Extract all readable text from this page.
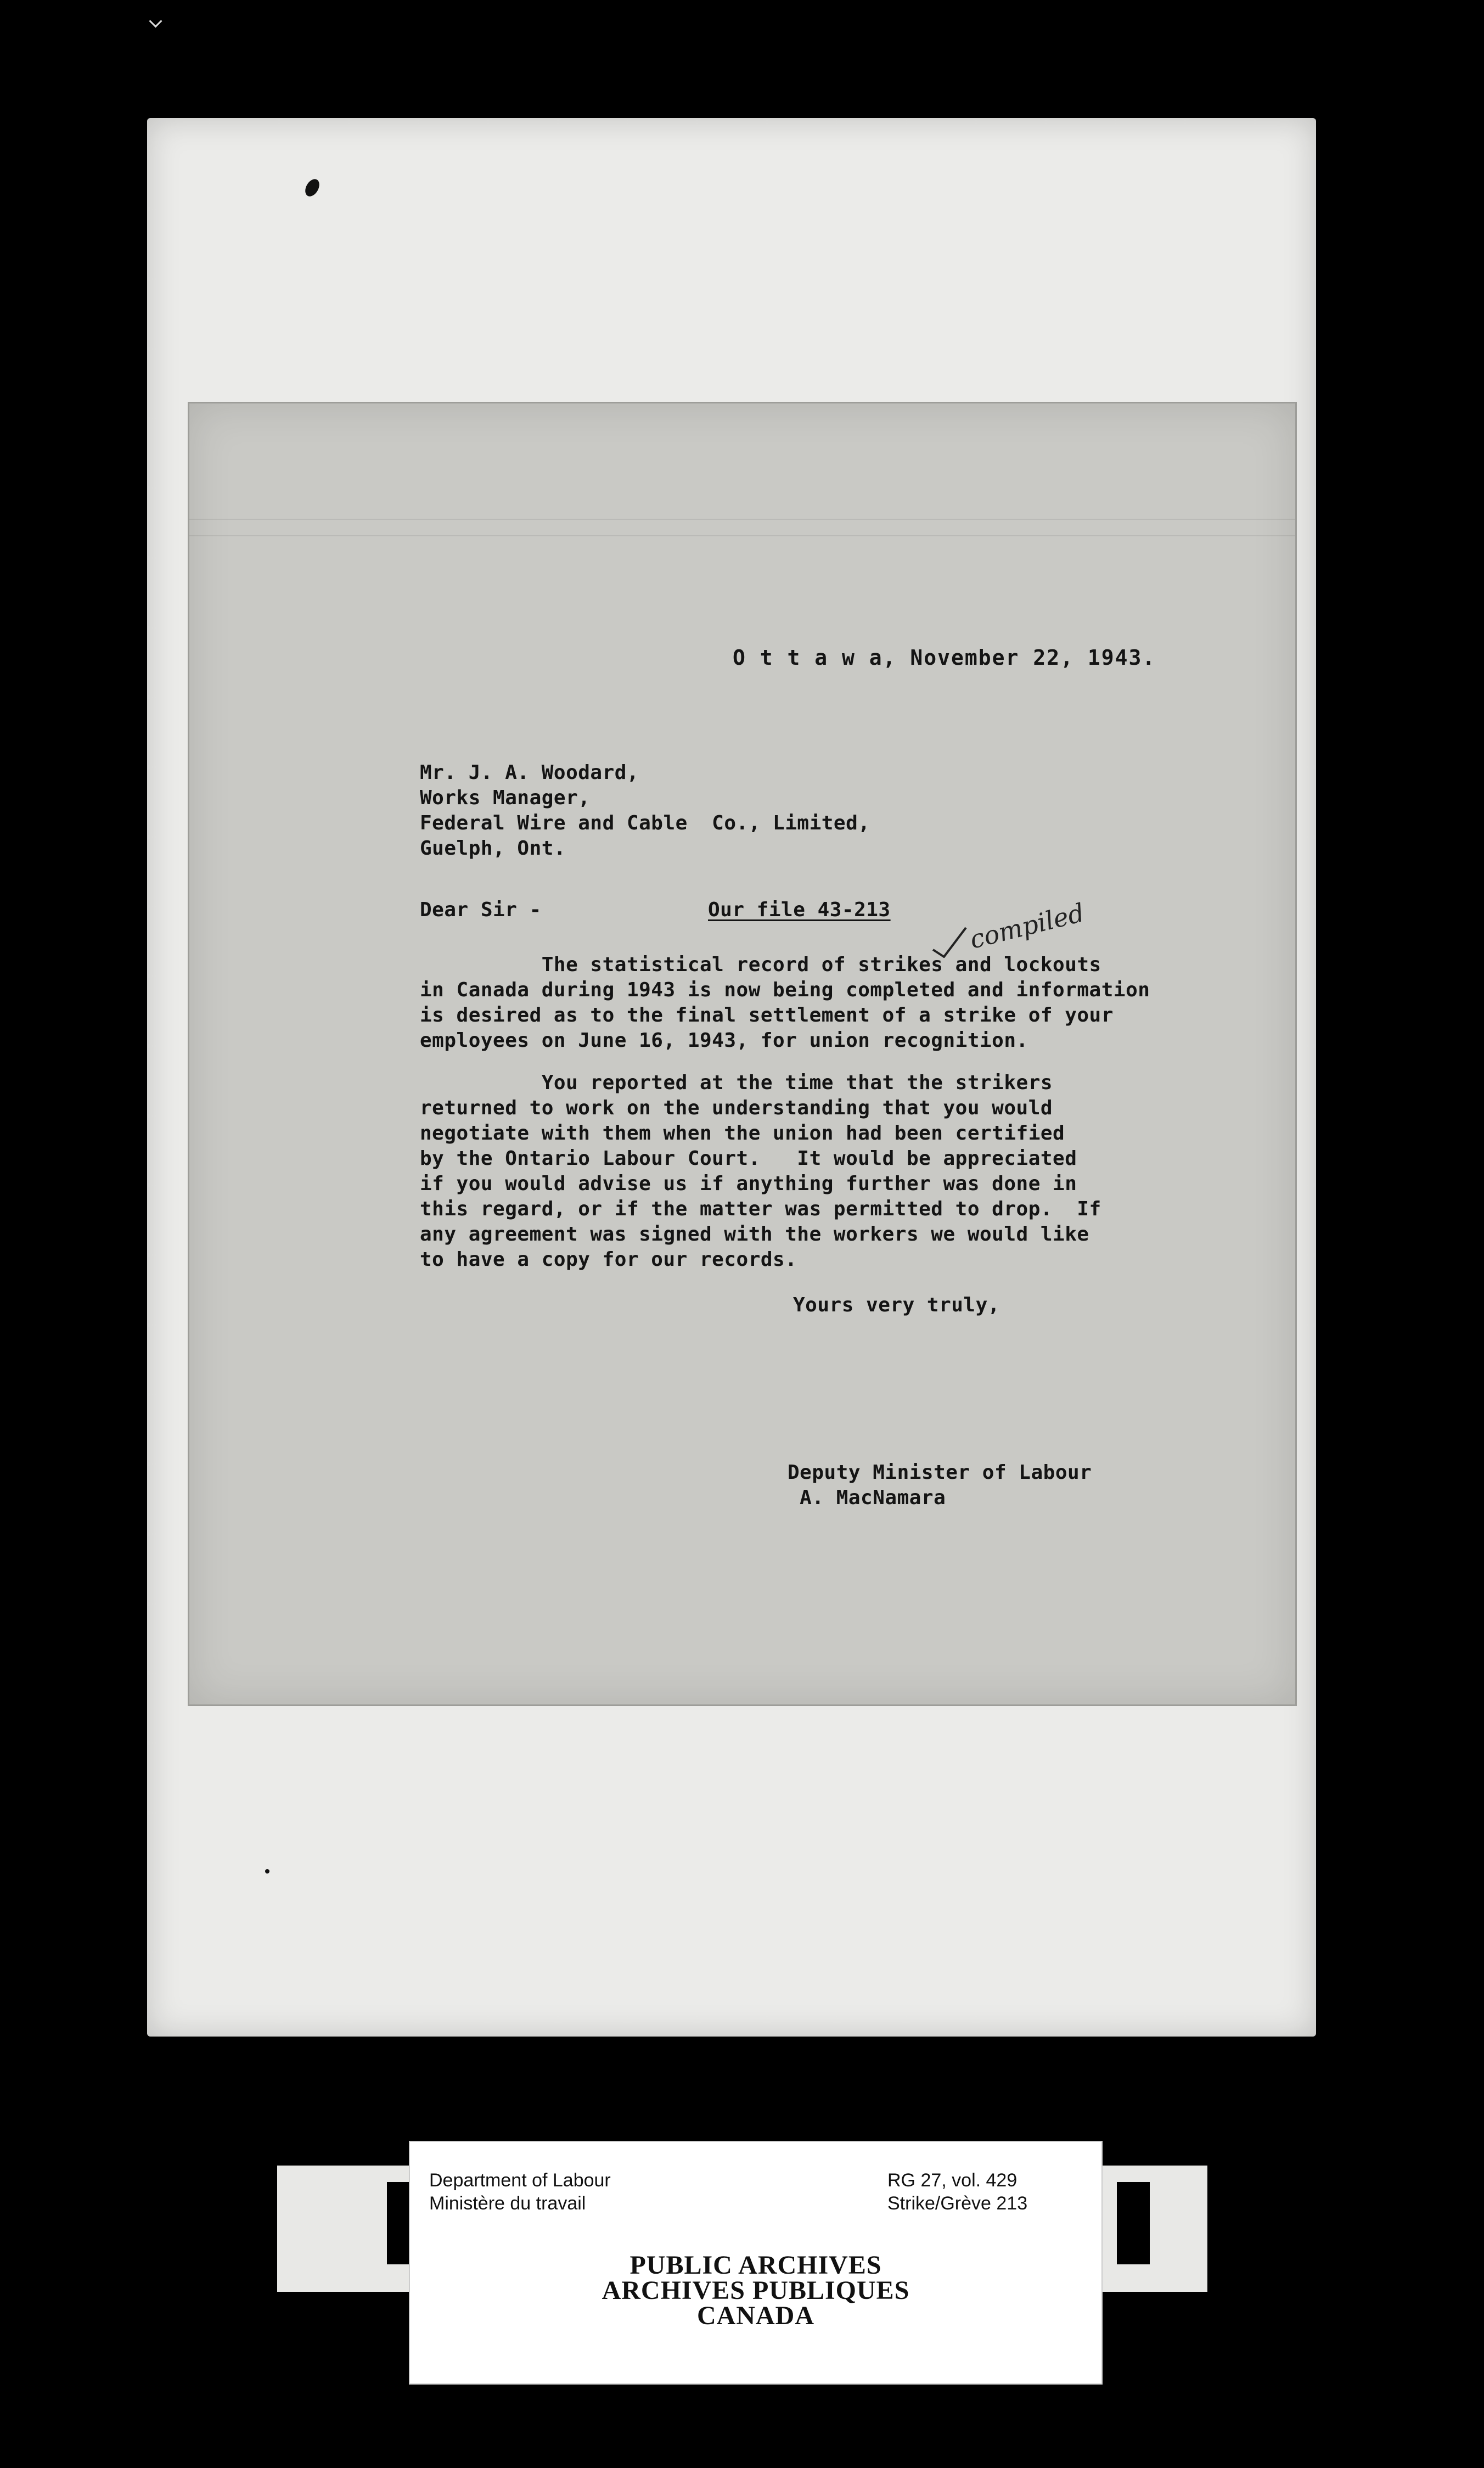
O t t a w a, November 22, 1943.
Mr. J. A. Woodard,
Works Manager,
Federal Wire and Cable  Co., Limited,
Guelph, Ont.
Dear Sir -	Our file 43-213	compiled
The statistical record of strikes and lockouts
in Canada during 1943 is now being completed and information
is desired as to the final settlement of a strike of your
employees on June 16, 1943, for union recognition.
You reported at the time that the strikers
returned to work on the understanding that you would
negotiate with them when the union had been certified
by the Ontario Labour Court.   It would be appreciated
if you would advise us if anything further was done in
this regard, or if the matter was permitted to drop.  If
any agreement was signed with the workers we would like
to have a copy for our records.
Yours very truly,
Deputy Minister of Labour
A. MacNamara
Department of Labour
Ministère du travail
RG 27, vol. 429
Strike/Grève 213
PUBLIC ARCHIVES
ARCHIVES PUBLIQUES
CANADA
